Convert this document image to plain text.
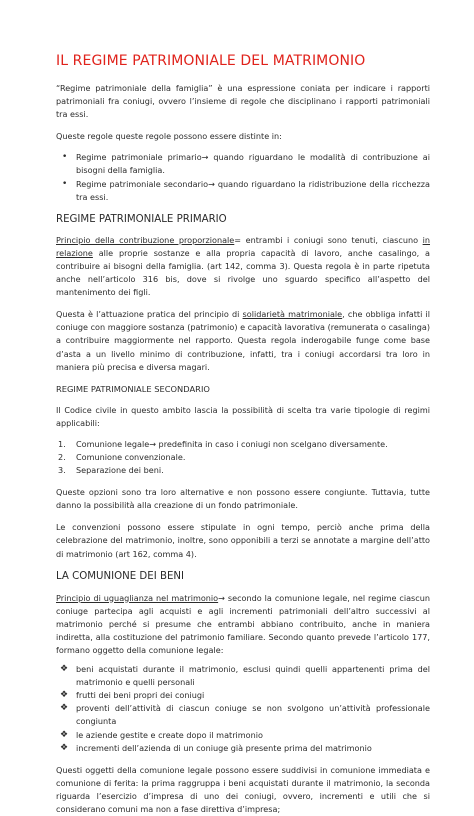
IL REGIME PATRIMONIALE DEL MATRIMONIO

“Regime patrimoniale della famiglia” è una espressione coniata per indicare i rapporti patrimoniali fra coniugi, ovvero l’insieme di regole che disciplinano i rapporti patrimoniali tra essi.

Queste regole queste regole possono essere distinte in:

• Regime patrimoniale primario→ quando riguardano le modalità di contribuzione ai bisogni della famiglia.
• Regime patrimoniale secondario→ quando riguardano la ridistribuzione della ricchezza tra essi.
REGIME PATRIMONIALE PRIMARIO

Principio della contribuzione proporzionale= entrambi i coniugi sono tenuti, ciascuno in relazione alle proprie sostanze e alla propria capacità di lavoro, anche casalingo, a contribuire ai bisogni della famiglia. (art 142, comma 3). Questa regola è in parte ripetuta anche nell’articolo 316 bis, dove si rivolge uno sguardo specifico all’aspetto del mantenimento dei figli.

Questa è l’attuazione pratica del principio di solidarietà matrimoniale, che obbliga infatti il coniuge con maggiore sostanza (patrimonio) e capacità lavorativa (remunerata o casalinga) a contribuire maggiormente nel rapporto. Questa regola inderogabile funge come base d’asta a un livello minimo di contribuzione, infatti, tra i coniugi accordarsi tra loro in maniera più precisa e diversa magari.

REGIME PATRIMONIALE SECONDARIO

Il Codice civile in questo ambito lascia la possibilità di scelta tra varie tipologie di regimi applicabili:

1. Comunione legale→ predefinita in caso i coniugi non scelgano diversamente.
2. Comunione convenzionale.
3. Separazione dei beni.

Queste opzioni sono tra loro alternative e non possono essere congiunte. Tuttavia, tutte danno la possibilità alla creazione di un fondo patrimoniale.

Le convenzioni possono essere stipulate in ogni tempo, perciò anche prima della celebrazione del matrimonio, inoltre, sono opponibili a terzi se annotate a margine dell’atto di matrimonio (art 162, comma 4).

LA COMUNIONE DEI BENI

Principio di uguaglianza nel matrimonio→ secondo la comunione legale, nel regime ciascun coniuge partecipa agli acquisti e agli incrementi patrimoniali dell’altro successivi al matrimonio perché si presume che entrambi abbiano contribuito, anche in maniera indiretta, alla costituzione del patrimonio familiare. Secondo quanto prevede l’articolo 177, formano oggetto della comunione legale:

❖ beni acquistati durante il matrimonio, esclusi quindi quelli appartenenti prima del matrimonio e quelli personali
❖ frutti dei beni propri dei coniugi
❖ proventi dell’attività di ciascun coniuge se non svolgono un’attività professionale congiunta
❖ le aziende gestite e create dopo il matrimonio
❖ incrementi dell’azienda di un coniuge già presente prima del matrimonio

Questi oggetti della comunione legale possono essere suddivisi in comunione immediata e comunione di ferita: la prima raggruppa i beni acquistati durante il matrimonio, la seconda riguarda l’esercizio d’impresa di uno dei coniugi, ovvero, incrementi e utili che si considerano comuni ma non a fase direttiva d’impresa;
